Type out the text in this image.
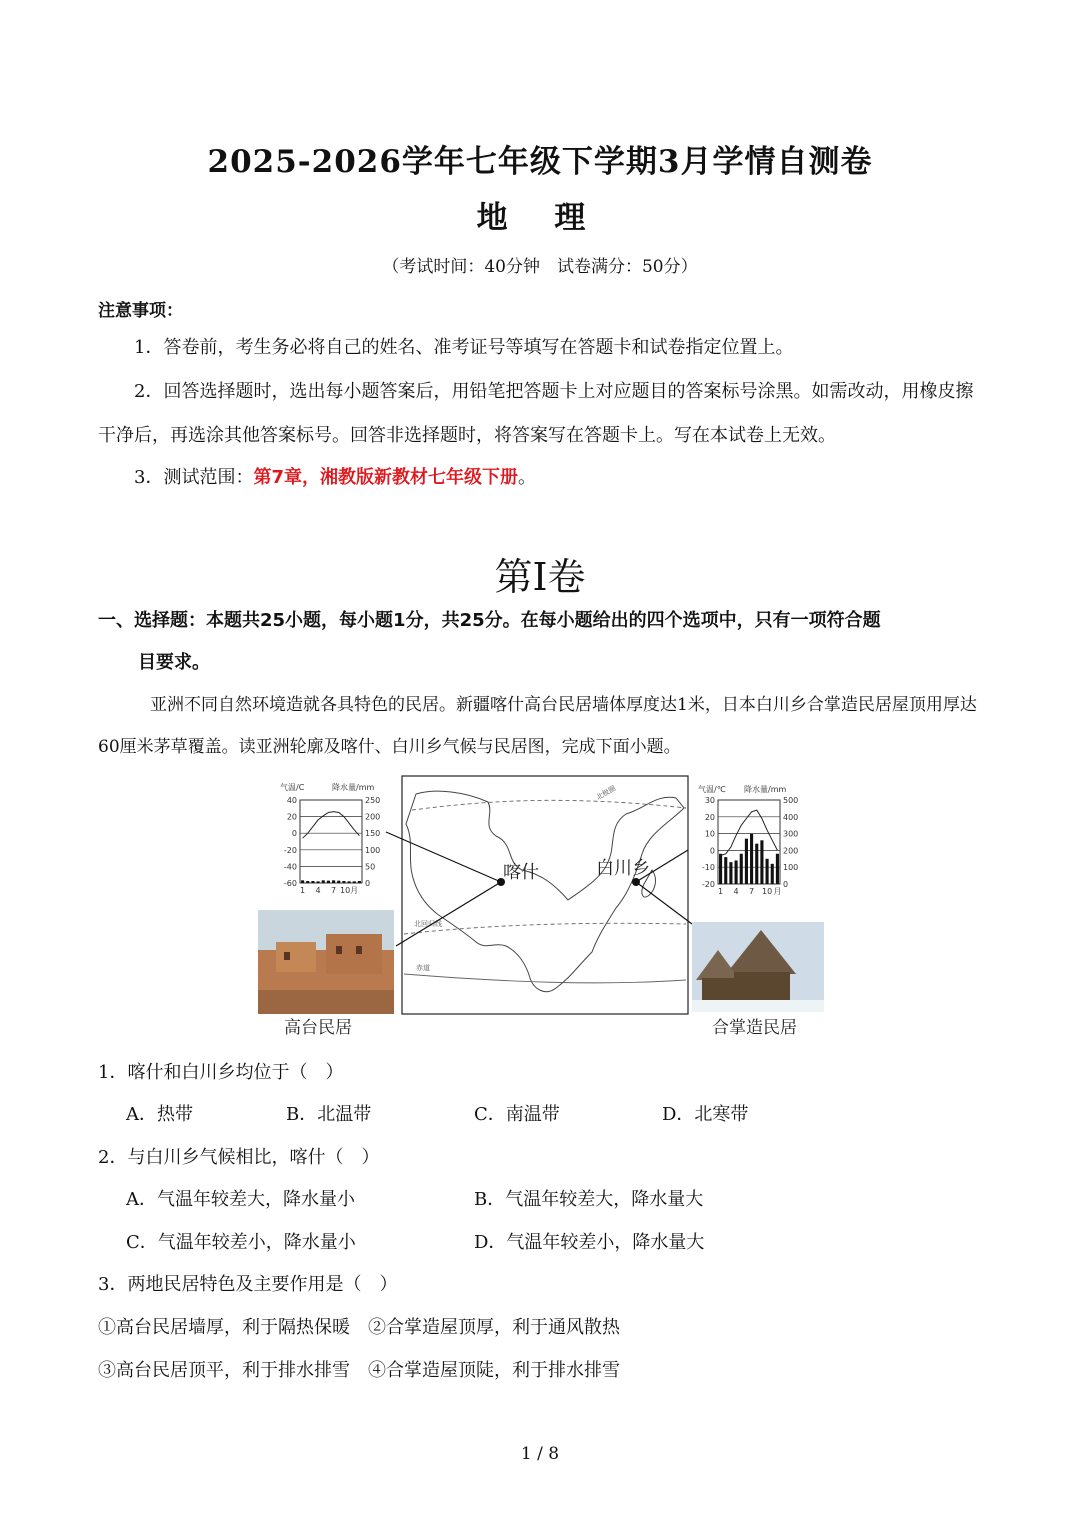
2025-2026学年七年级下学期3月学情自测卷
地 理
（考试时间：40分钟　试卷满分：50分）
注意事项：
1．答卷前，考生务必将自己的姓名、准考证号等填写在答题卡和试卷指定位置上。
2．回答选择题时，选出每小题答案后，用铅笔把答题卡上对应题目的答案标号涂黑。如需改动，用橡皮擦干净后，再选涂其他答案标号。回答非选择题时，将答案写在答题卡上。写在本试卷上无效。
3．测试范围：第7章，湘教版新教材七年级下册。
第I卷
一、选择题：本题共25小题，每小题1分，共25分。在每小题给出的四个选项中，只有一项符合题
目要求。
亚洲不同自然环境造就各具特色的民居。新疆喀什高台民居墙体厚度达1米，日本白川乡合掌造民居屋顶用厚达60厘米茅草覆盖。读亚洲轮廓及喀什、白川乡气候与民居图，完成下面小题。
气温/C	降水量/mm
40
20
0
-20
-40
-60
250
200
150
100
50
0
1 4 7 10月
北极圈
北回归线
赤道
喀什	白川乡
气温/℃ 降水量/mm
30
20
10
0
-10
-20
500
400
300
200
100
0
1 4 7 10 月
高台民居	合掌造民居
1．喀什和白川乡均位于（　）
A．热带	B．北温带	C．南温带	D．北寒带
2．与白川乡气候相比，喀什（　）
A．气温年较差大，降水量小	B．气温年较差大，降水量大
C．气温年较差小，降水量小	D．气温年较差小，降水量大
3．两地民居特色及主要作用是（　）
①高台民居墙厚，利于隔热保暖　②合掌造屋顶厚，利于通风散热
③高台民居顶平，利于排水排雪　④合掌造屋顶陡，利于排水排雪
1 / 8
